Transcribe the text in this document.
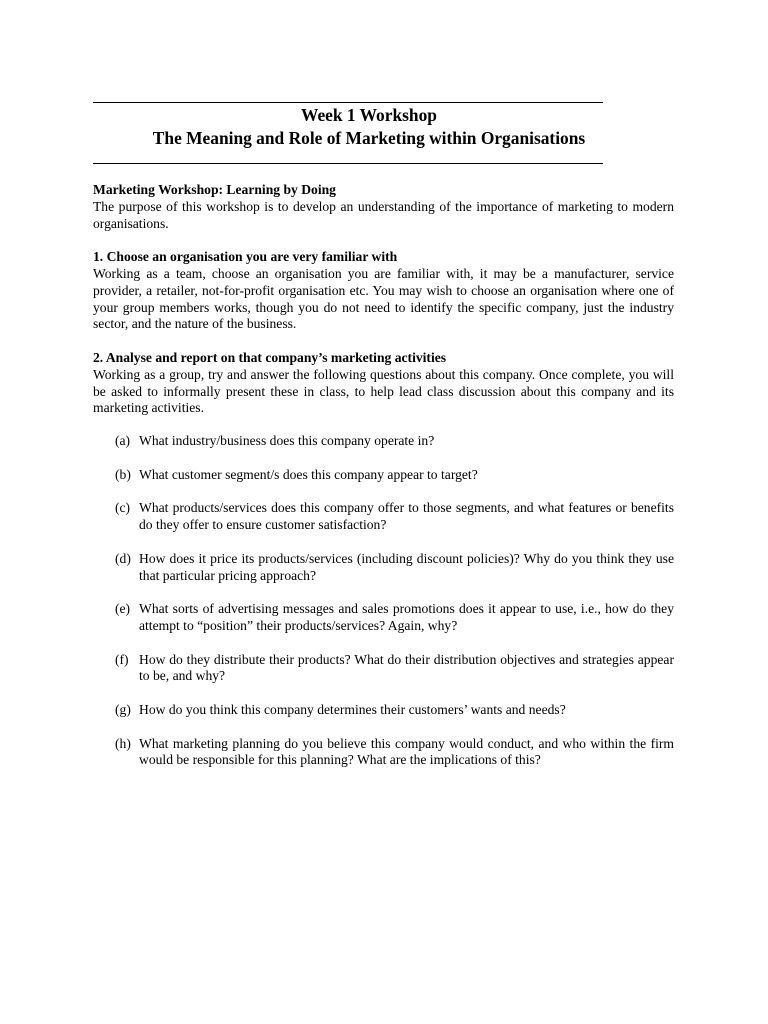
Week 1 Workshop
The Meaning and Role of Marketing within Organisations

Marketing Workshop: Learning by Doing

The purpose of this workshop is to develop an understanding of the importance of marketing to modern organisations.

1. Choose an organisation you are very familiar with

Working as a team, choose an organisation you are familiar with, it may be a manufacturer, service provider, a retailer, not-for-profit organisation etc. You may wish to choose an organisation where one of your group members works, though you do not need to identify the specific company, just the industry sector, and the nature of the business.

2. Analyse and report on that company’s marketing activities

Working as a group, try and answer the following questions about this company. Once complete, you will be asked to informally present these in class, to help lead class discussion about this company and its marketing activities.

(a) What industry/business does this company operate in?
(b) What customer segment/s does this company appear to target?
(c) What products/services does this company offer to those segments, and what features or benefits do they offer to ensure customer satisfaction?
(d) How does it price its products/services (including discount policies)? Why do you think they use that particular pricing approach?
(e) What sorts of advertising messages and sales promotions does it appear to use, i.e., how do they attempt to “position” their products/services? Again, why?
(f) How do they distribute their products? What do their distribution objectives and strategies appear to be, and why?
(g) How do you think this company determines their customers’ wants and needs?
(h) What marketing planning do you believe this company would conduct, and who within the firm would be responsible for this planning? What are the implications of this?
